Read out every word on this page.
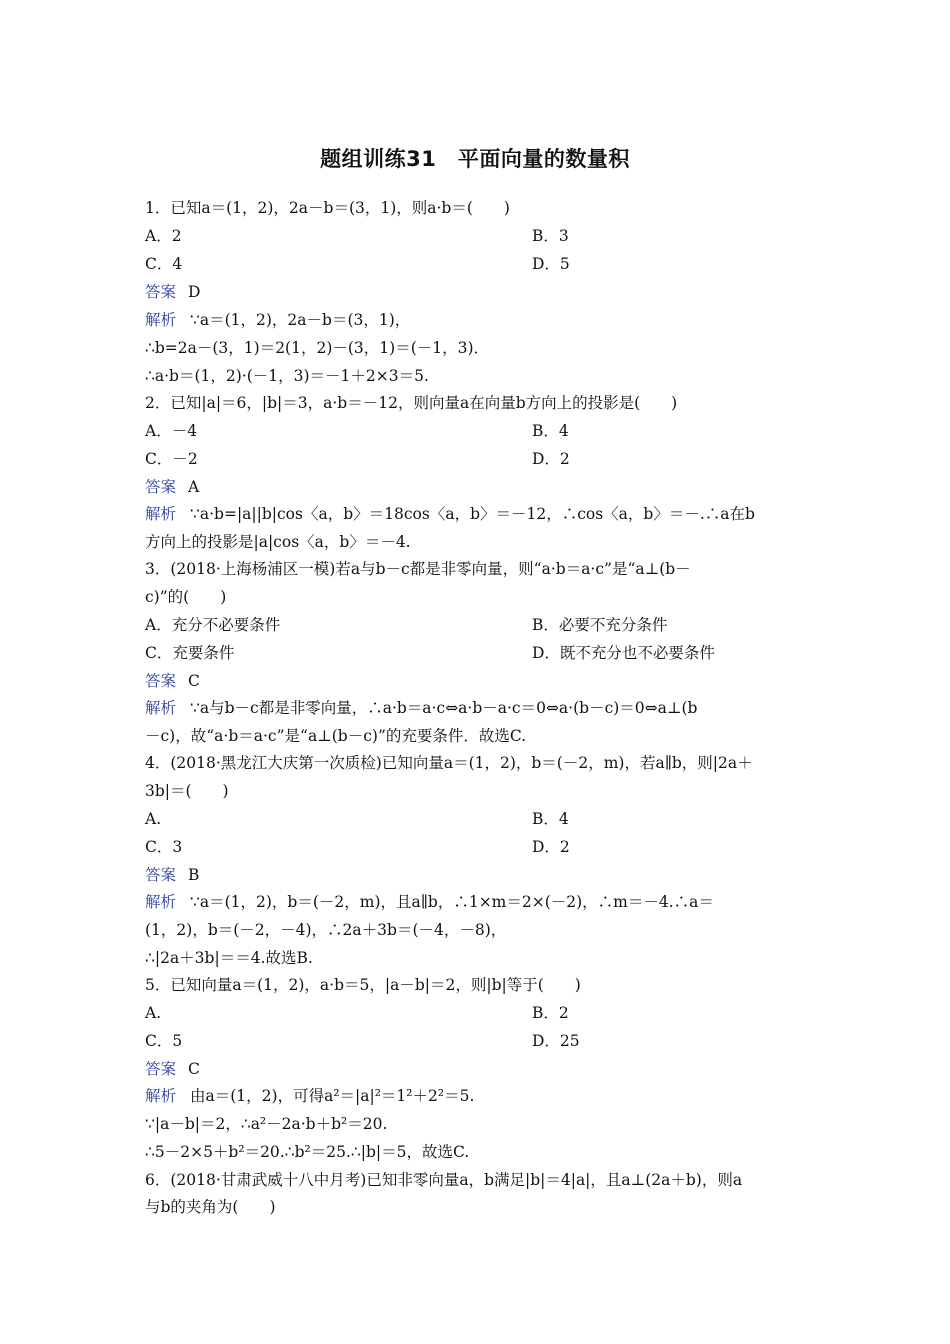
题组训练31　平面向量的数量积
1．已知a＝(1，2)，2a－b＝(3，1)，则a·b＝(　　)
A．2	B．3
C．4	D．5
答案 D
解析 ∵a＝(1，2)，2a－b＝(3，1)，
∴b=2a－(3，1)＝2(1，2)－(3，1)＝(－1，3)．
∴a·b＝(1，2)·(－1，3)＝－1＋2×3＝5.
2．已知|a|＝6，|b|＝3，a·b＝－12，则向量a在向量b方向上的投影是(　　)
A．－4	B．4
C．－2	D．2
答案 A
解析 ∵a·b=|a||b|cos〈a，b〉＝18cos〈a，b〉＝－12，∴cos〈a，b〉＝－.∴a在b
方向上的投影是|a|cos〈a，b〉＝－4.
3．(2018·上海杨浦区一模)若a与b－c都是非零向量，则“a·b＝a·c”是“a⊥(b－
c)”的(　　)
A．充分不必要条件	B．必要不充分条件
C．充要条件	D．既不充分也不必要条件
答案 C
解析 ∵a与b－c都是非零向量，∴a·b＝a·c⇔a·b－a·c＝0⇔a·(b－c)＝0⇔a⊥(b
－c)，故“a·b＝a·c”是“a⊥(b－c)”的充要条件．故选C.
4．(2018·黑龙江大庆第一次质检)已知向量a＝(1，2)，b＝(－2，m)，若a∥b，则|2a＋
3b|＝(　　)
A.	B．4
C．3	D．2
答案 B
解析 ∵a＝(1，2)，b＝(－2，m)，且a∥b，∴1×m＝2×(－2)，∴m＝－4.∴a＝
(1，2)，b＝(－2，－4)，∴2a＋3b＝(－4，－8)，
∴|2a＋3b|＝＝4.故选B.
5．已知向量a＝(1，2)，a·b＝5，|a－b|＝2，则|b|等于(　　)
A.	B．2
C．5	D．25
答案 C
解析 由a＝(1，2)，可得a²＝|a|²＝1²＋2²＝5.
∵|a－b|＝2，∴a²－2a·b＋b²＝20.
∴5－2×5＋b²＝20.∴b²＝25.∴|b|＝5，故选C.
6．(2018·甘肃武威十八中月考)已知非零向量a，b满足|b|＝4|a|，且a⊥(2a＋b)，则a
与b的夹角为(　　)
